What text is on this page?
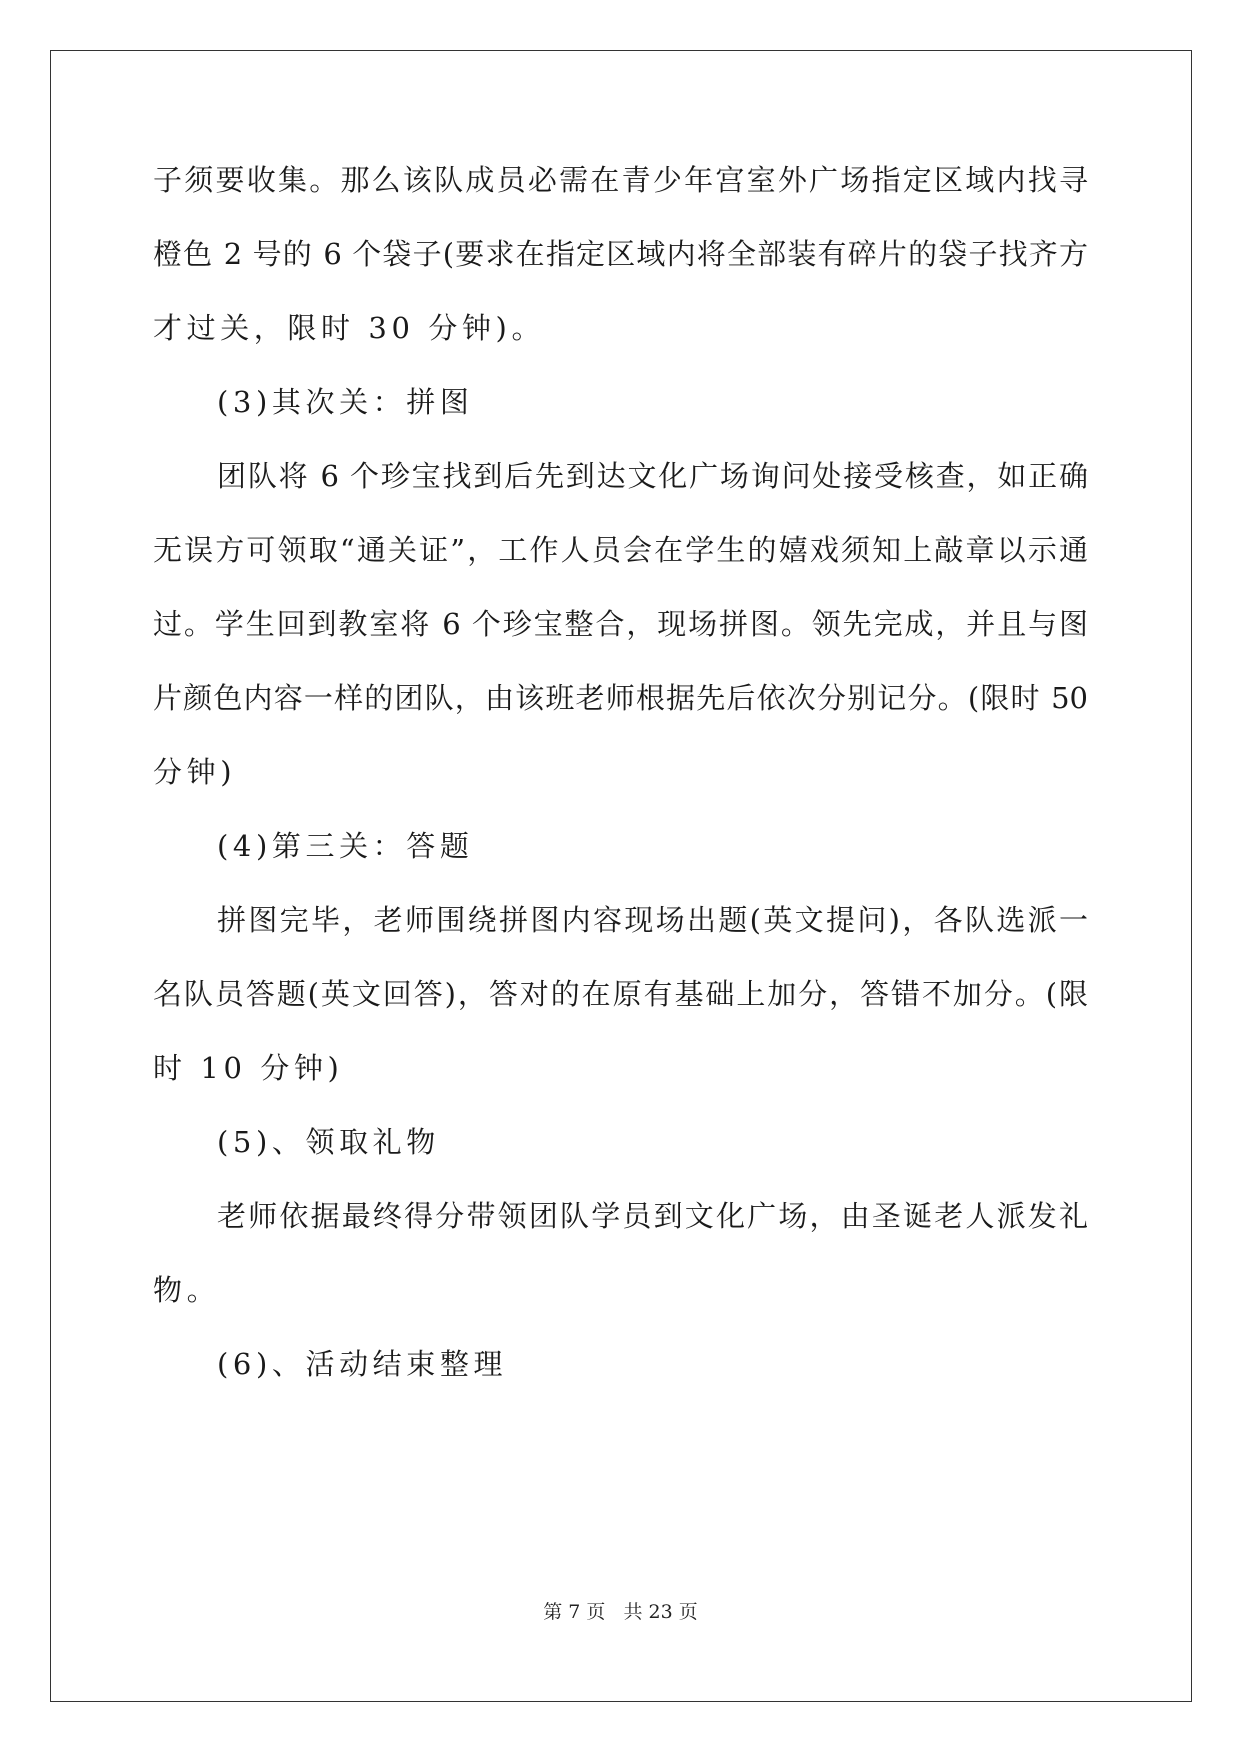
子须要收集。那么该队成员必需在青少年宫室外广场指定区域内找寻
橙色 2 号的 6 个袋子(要求在指定区域内将全部装有碎片的袋子找齐方
才过关，限时 30 分钟)。
(3)其次关：拼图
团队将 6 个珍宝找到后先到达文化广场询问处接受核查，如正确
无误方可领取“通关证”，工作人员会在学生的嬉戏须知上敲章以示通
过。学生回到教室将 6 个珍宝整合，现场拼图。领先完成，并且与图
片颜色内容一样的团队，由该班老师根据先后依次分别记分。(限时 50
分钟)
(4)第三关：答题
拼图完毕，老师围绕拼图内容现场出题(英文提问)，各队选派一
名队员答题(英文回答)，答对的在原有基础上加分，答错不加分。(限
时 10 分钟)
(5)、领取礼物
老师依据最终得分带领团队学员到文化广场，由圣诞老人派发礼
物。
(6)、活动结束整理
第 7 页   共 23 页
